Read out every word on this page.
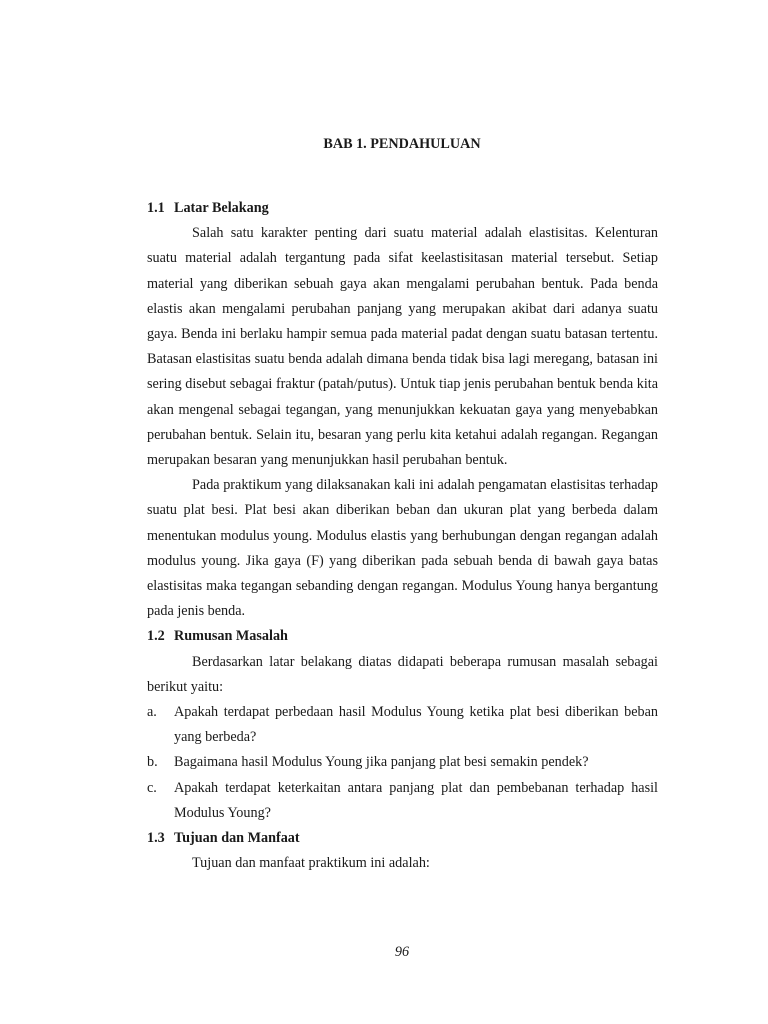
BAB 1. PENDAHULUAN

1.1 Latar Belakang

Salah satu karakter penting dari suatu material adalah elastisitas. Kelenturan suatu material adalah tergantung pada sifat keelastisitasan material tersebut. Setiap material yang diberikan sebuah gaya akan mengalami perubahan bentuk. Pada benda elastis akan mengalami perubahan panjang yang merupakan akibat dari adanya suatu gaya. Benda ini berlaku hampir semua pada material padat dengan suatu batasan tertentu. Batasan elastisitas suatu benda adalah dimana benda tidak bisa lagi meregang, batasan ini sering disebut sebagai fraktur (patah/putus). Untuk tiap jenis perubahan bentuk benda kita akan mengenal sebagai tegangan, yang menunjukkan kekuatan gaya yang menyebabkan perubahan bentuk. Selain itu, besaran yang perlu kita ketahui adalah regangan. Regangan merupakan besaran yang menunjukkan hasil perubahan bentuk.

Pada praktikum yang dilaksanakan kali ini adalah pengamatan elastisitas terhadap suatu plat besi. Plat besi akan diberikan beban dan ukuran plat yang berbeda dalam menentukan modulus young. Modulus elastis yang berhubungan dengan regangan adalah modulus young. Jika gaya (F) yang diberikan pada sebuah benda di bawah gaya batas elastisitas maka tegangan sebanding dengan regangan. Modulus Young hanya bergantung pada jenis benda.

1.2 Rumusan Masalah

Berdasarkan latar belakang diatas didapati beberapa rumusan masalah sebagai berikut yaitu:

a. Apakah terdapat perbedaan hasil Modulus Young ketika plat besi diberikan beban yang berbeda?
b. Bagaimana hasil Modulus Young jika panjang plat besi semakin pendek?
c. Apakah terdapat keterkaitan antara panjang plat dan pembebanan terhadap hasil Modulus Young?

1.3 Tujuan dan Manfaat

Tujuan dan manfaat praktikum ini adalah:

96
